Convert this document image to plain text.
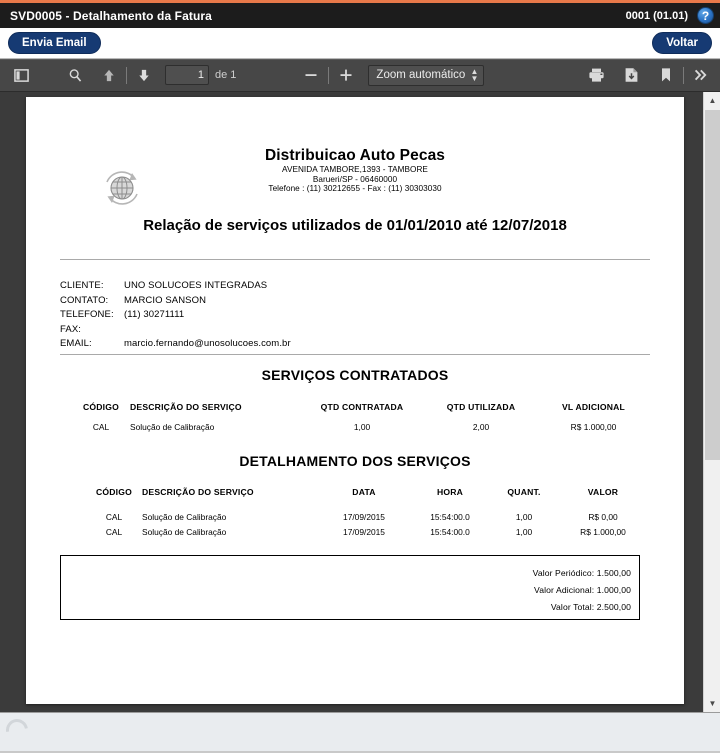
SVD0005 - Detalhamento da Fatura	0001 (01.01)	?
Envia Email	Voltar
1
de 1
Zoom automático	▲
▼
Distribuicao Auto Pecas
AVENIDA TAMBORE,1393 - TAMBORE
Barueri/SP - 06460000
Telefone : (11) 30212655 - Fax : (11) 30303030
Relação de serviços utilizados de 01/01/2010 até 12/07/2018
CLIENTE:	UNO SOLUCOES INTEGRADAS
CONTATO:	MARCIO SANSON
TELEFONE:	(11) 30271111
FAX:
EMAIL:	marcio.fernando@unosolucoes.com.br
SERVIÇOS CONTRATADOS
CÓDIGO	DESCRIÇÃO DO SERVIÇO	QTD CONTRATADA	QTD UTILIZADA	VL ADICIONAL
CAL	Solução de Calibração	1,00	2,00	R$ 1.000,00
DETALHAMENTO DOS SERVIÇOS
CÓDIGO	DESCRIÇÃO DO SERVIÇO	DATA	HORA	QUANT.	VALOR
CAL	Solução de Calibração	17/09/2015	15:54:00.0	1,00	R$ 0,00
CAL	Solução de Calibração	17/09/2015	15:54:00.0	1,00	R$ 1.000,00
Valor Periódico: 1.500,00
Valor Adicional: 1.000,00
Valor Total: 2.500,00
▲
▼
